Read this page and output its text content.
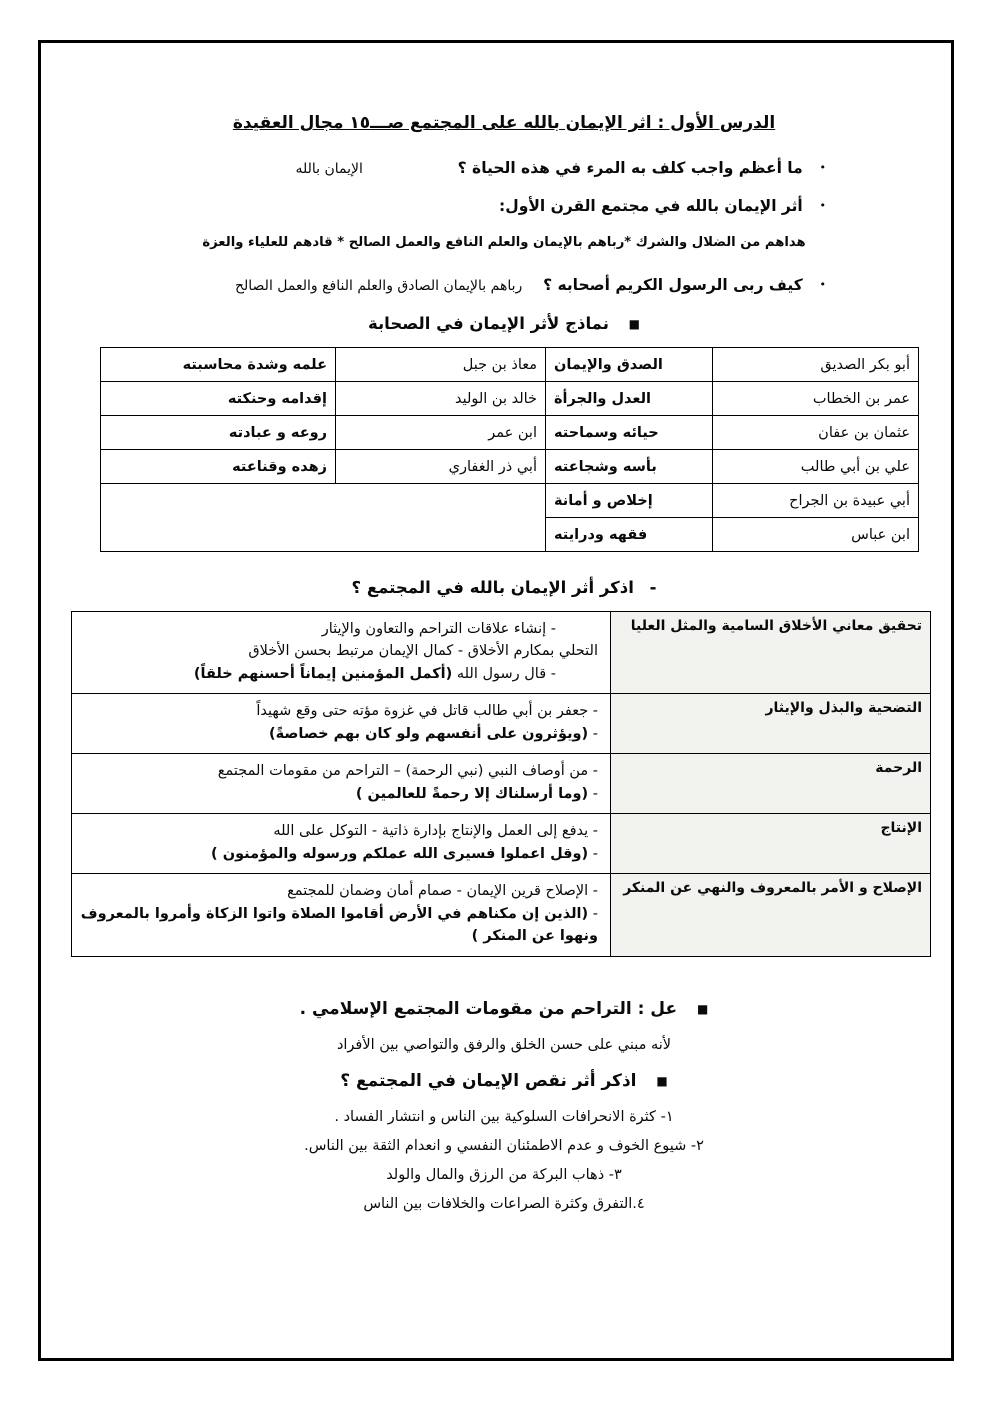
الدرس الأول : اثر الإيمان بالله على المجتمع صـــ١٥ مجال العقيدة
• ما أعظم واجب كلف به المرء في هذه الحياة ؟ الإيمان بالله
• أثر الإيمان بالله في مجتمع القرن الأول:
هداهم من الضلال والشرك *رباهم بالإيمان والعلم النافع والعمل الصالح * قادهم للعلياء والعزة
• كيف ربى الرسول الكريم أصحابه ؟ رباهم بالإيمان الصادق والعلم النافع والعمل الصالح
■ نماذج لأثر الإيمان في الصحابة
أبو بكر الصديق	الصدق والإيمان	معاذ بن جبل	علمه وشدة محاسبته
عمر بن الخطاب	العدل والجرأة	خالد بن الوليد	إقدامه وحنكته
عثمان بن عفان	حيائه وسماحته	ابن عمر	روعه و عبادته
علي بن أبي طالب	بأسه وشجاعته	أبي ذر الغفاري	زهده وقناعته
أبي عبيدة بن الجراح	إخلاص و أمانة		
ابن عباس	فقهه ودرايته		
- اذكر أثر الإيمان بالله في المجتمع ؟
تحقيق معاني الأخلاق السامية والمثل العليا	- إنشاء علاقات التراحم والتعاون والإيثار
التحلي بمكارم الأخلاق - كمال الإيمان مرتبط بحسن الأخلاق
- قال رسول الله (أكمل المؤمنين إيماناً أحسنهم خلقاً)

التضحية والبذل والإيثار	- جعفر بن أبي طالب قاتل في غزوة مؤته حتى وقع شهيداً
- (ويؤثرون على أنفسهم ولو كان بهم خصاصةً)

الرحمة	- من أوصاف النبي (نبي الرحمة) – التراحم من مقومات المجتمع
- (وما أرسلناك إلا رحمةً للعالمين )

الإنتاج	- يدفع إلى العمل والإنتاج بإدارة ذاتية - التوكل على الله
- (وقل اعملوا فسيرى الله عملكم ورسوله والمؤمنون )

الإصلاح و الأمر بالمعروف والنهي عن المنكر	- الإصلاح قرين الإيمان - صمام أمان وضمان للمجتمع
- (الذين إن مكناهم في الأرض أقاموا الصلاة واتوا الزكاة وأمروا بالمعروف ونهوا عن المنكر )
■ عل : التراحم من مقومات المجتمع الإسلامي .
لأنه مبني على حسن الخلق والرفق والتواصي بين الأفراد
■ اذكر أثر نقص الإيمان في المجتمع ؟
١- كثرة الانحرافات السلوكية بين الناس و انتشار الفساد .
٢- شيوع الخوف و عدم الاطمئنان النفسي و انعدام الثقة بين الناس.
٣- ذهاب البركة من الرزق والمال والولد
٤.التفرق وكثرة الصراعات والخلافات بين الناس
